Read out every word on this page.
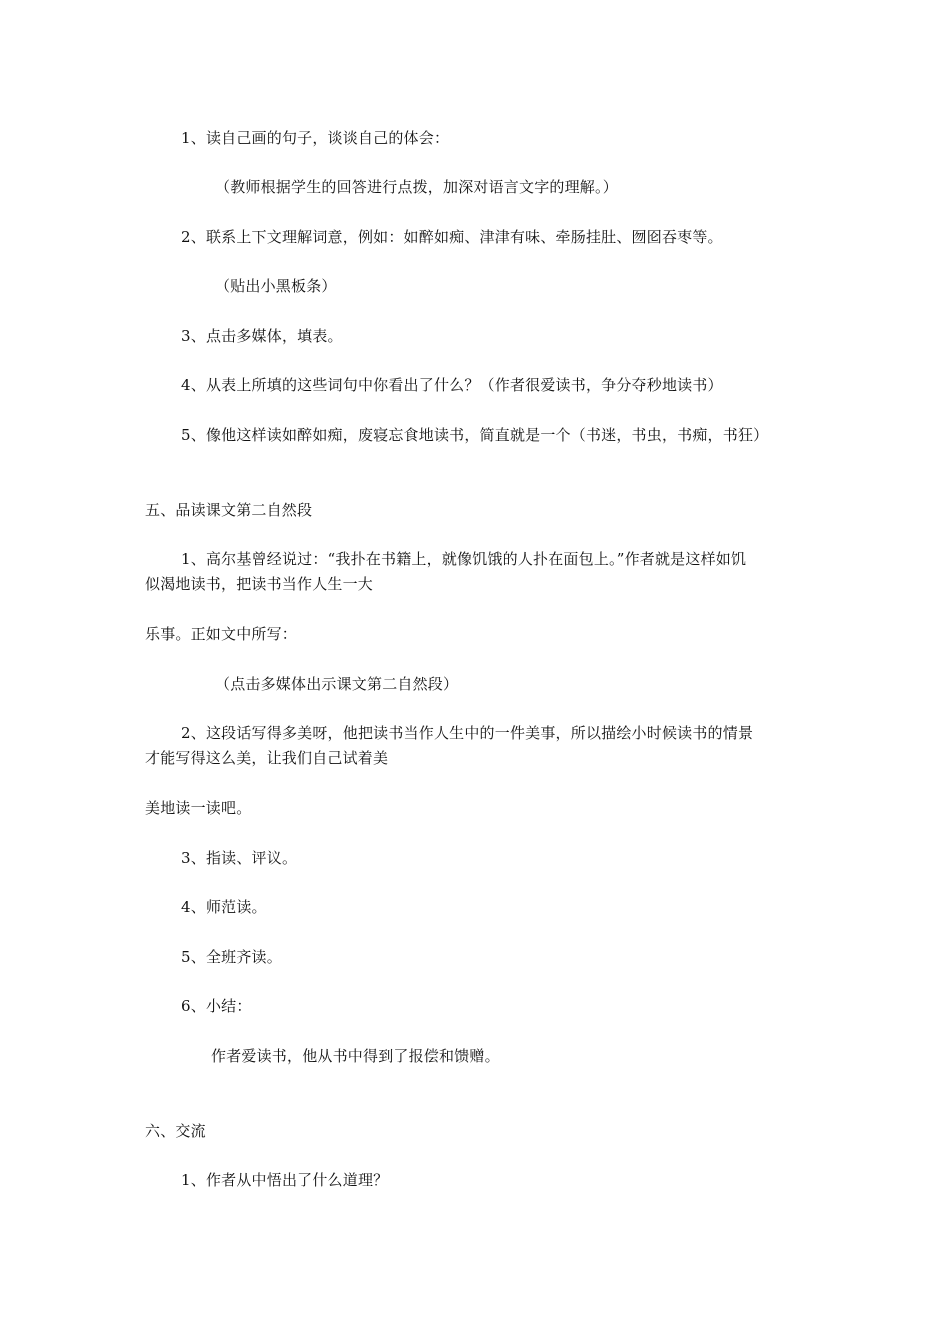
1、读自己画的句子，谈谈自己的体会：
（教师根据学生的回答进行点拨，加深对语言文字的理解。）
2、联系上下文理解词意，例如：如醉如痴、津津有味、牵肠挂肚、囫囵吞枣等。
（贴出小黑板条）
3、点击多媒体，填表。
4、从表上所填的这些词句中你看出了什么？（作者很爱读书，争分夺秒地读书）
5、像他这样读如醉如痴，废寝忘食地读书，简直就是一个（书迷，书虫，书痴，书狂）
五、品读课文第二自然段
1、高尔基曾经说过：“我扑在书籍上，就像饥饿的人扑在面包上。”作者就是这样如饥
似渴地读书，把读书当作人生一大
乐事。正如文中所写：
（点击多媒体出示课文第二自然段）
2、这段话写得多美呀，他把读书当作人生中的一件美事，所以描绘小时候读书的情景
才能写得这么美，让我们自己试着美
美地读一读吧。
3、指读、评议。
4、师范读。
5、全班齐读。
6、小结：
作者爱读书，他从书中得到了报偿和馈赠。
六、交流
1、作者从中悟出了什么道理？
